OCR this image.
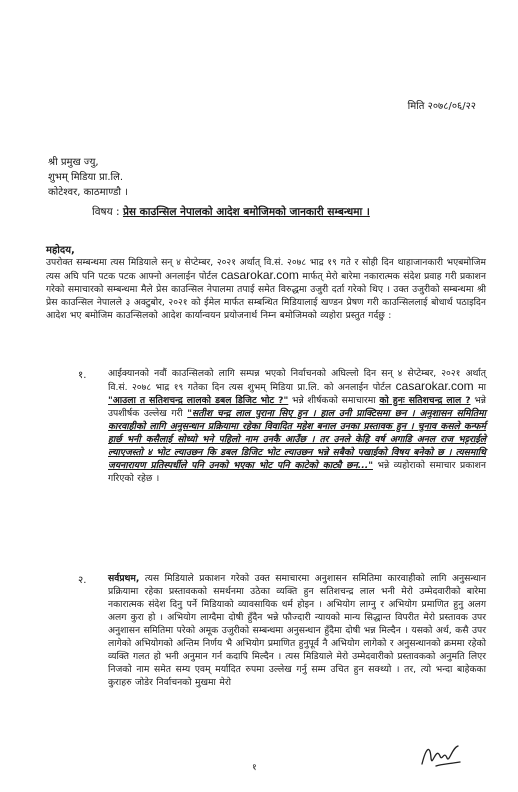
मिति २०७८/०६/२२
श्री प्रमुख ज्यु,
शुभम् मिडिया प्रा.लि.
कोटेश्वर, काठमाण्डौ ।
विषय : प्रेस काउन्सिल नेपालको आदेश बमोजिमको जानकारी सम्बन्धमा ।
महोदय,
उपरोक्त सम्बन्धमा त्यस मिडियाले सन् ४ सेप्टेम्बर, २०२१ अर्थात् वि.सं. २०७८ भाद्र १९ गते र सोही दिन थाहाजानकारी भएबमोजिम त्यस अघि पनि पटक पटक आफ्नो अनलाईन पोर्टल casarokar.com मार्फत् मेरो बारेमा नकारात्मक संदेश प्रवाह गरी प्रकाशन गरेको समाचारको सम्बन्धमा मैले प्रेस काउन्सिल नेपालमा तपाई समेत विरुद्धमा उजुरी दर्ता गरेको थिए । उक्त उजुरीको सम्बन्धमा श्री प्रेस काउन्सिल नेपालले ३ अक्टुबोर, २०२१ को ईमेल मार्फत सम्बन्धित मिडियालाई खण्डन प्रेषण गरी काउन्सिललाई बोधार्थ पठाइदिन आदेश भए बमोजिम काउन्सिलको आदेश कार्यान्वयन प्रयोजनार्थ निम्न बमोजिमको व्यहोरा प्रस्तुत गर्दछु :
१. आईक्यानको नवौं काउन्सिलको लागि सम्पन्न भएको निर्वाचनको अघिल्लो दिन सन् ४ सेप्टेम्बर, २०२१ अर्थात् वि.सं. २०७८ भाद्र १९ गतेका दिन त्यस शुभम् मिडिया प्रा.लि. को अनलाईन पोर्टल casarokar.com मा "आउला त सतिशचन्द्र लालको डबल डिजिट भोट ?" भन्ने शीर्षकको समाचारमा को हुनः सतिशचन्द्र लाल ? भन्ने उपशीर्षक उल्लेख गरी "सतीश चन्द्र लाल पुराना सिए हुन । हाल उनी प्राक्टिसमा छन । अनुशासन समितिमा कारवाहीको लागि अनुसन्धान प्रक्रियामा रहेका विवादित महेश बनाल उनका प्रस्तावक हुन । चुनाव कसले कन्फर्म हार्छ भनी कसैलाई सोध्यो भने पहिलो नाम उनकै आउँछ । तर उनले केहि वर्ष अगाडि अनल राज भट्टराईले ल्याएजस्तो ४ भोट ल्याउछन कि डबल डिजिट भोट ल्याउछन भन्ने सबैको पखाईको विषय बनेको छ । त्यसमाथि जयनारायण प्रतिस्पर्धीले पनि उनको भएका भोट पनि काटेको काट्यै छन..." भन्ने व्यहोराको समाचार प्रकाशन गरिएको रहेछ ।
२. सर्वप्रथम, त्यस मिडियाले प्रकाशन गरेको उक्त समाचारमा अनुशासन समितिमा कारवाहीको लागि अनुसन्धान प्रक्रियामा रहेका प्रस्तावकको समर्थनमा उठेका व्यक्ति हुन सतिशचन्द्र लाल भनी मेरो उम्मेदवारीको बारेमा नकारात्मक संदेश दिनु पर्ने मिडियाको व्यावसायिक धर्म होइन । अभियोग लाग्नु र अभियोग प्रमाणित हुनु अलग अलग कुरा हो । अभियोग लाग्दैमा दोषी हुँदैन भन्ने फौज्दारी न्यायको मान्य सिद्धान्त विपरीत मेरो प्रस्तावक उपर अनुशासन समितिमा परेको अमूक उजुरीको सम्बन्धमा अनुसन्धान हुँदैमा दोषी भन्न मिल्दैन । यसको अर्थ, कसै उपर लागेको अभियोगको अन्तिम निर्णय भै अभियोग प्रमाणित हुनुपूर्व नै अभियोग लागेको र अनुसन्धानको क्रममा रहेको व्यक्ति गलत हो भनी अनुमान गर्न कदापि मिल्दैन । त्यस मिडियाले मेरो उम्मेदवारीको प्रस्तावकको अनुमति लिएर निजको नाम समेत सम्य एवम् मर्यादित रुपमा उल्लेख गर्नु सम्म उचित हुन सक्थ्यो । तर, त्यो भन्दा बाहेकका कुराहरु जोडेर निर्वाचनको मुखमा मेरो
१
